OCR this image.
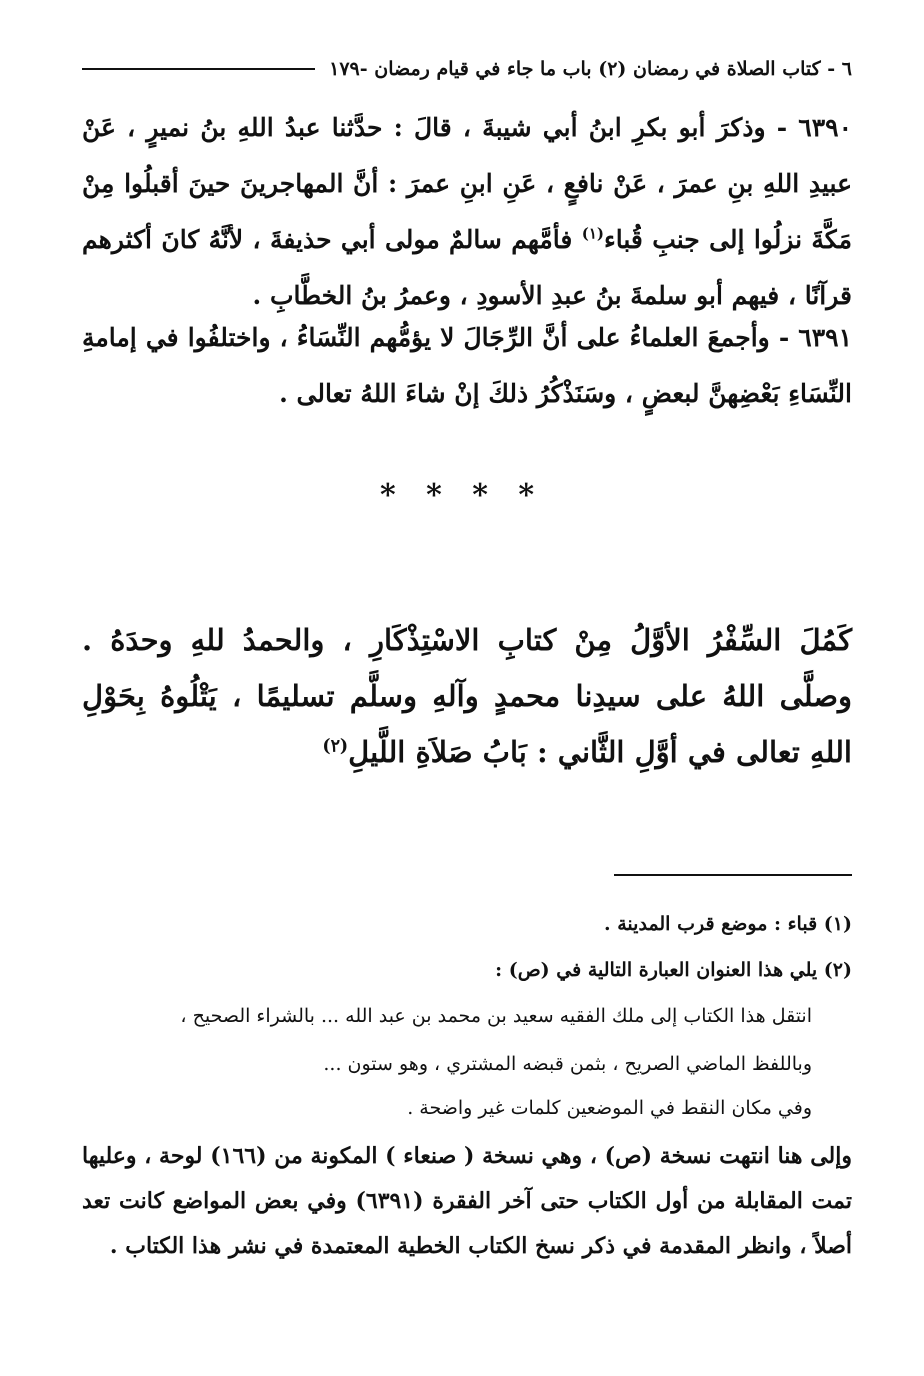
٦ - كتاب الصلاة في رمضان (٢) باب ما جاء في قيام رمضان -١٧٩
٦٣٩٠ - وذكرَ أبو بكرِ ابنُ أبي شيبةَ ، قالَ : حدَّثنا عبدُ اللهِ بنُ نميرٍ ، عَنْ عبيدِ اللهِ بنِ عمرَ ، عَنْ نافعٍ ، عَنِ ابنِ عمرَ : أنَّ المهاجرينَ حينَ أقبلُوا مِنْ مَكَّةَ نزلُوا إلى جنبِ قُباء$^{(١)}$ فأمَّهم سالمٌ مولى أبي حذيفةَ ، لأنَّهُ كانَ أكثرهم قرآنًا ، فيهم أبو سلمةَ بنُ عبدِ الأسودِ ، وعمرُ بنُ الخطَّابِ .
٦٣٩١ - وأجمعَ العلماءُ على أنَّ الرِّجَالَ لا يؤمُّهم النِّسَاءُ ، واختلفُوا في إمامةِ النِّسَاءِ بَعْضِهنَّ لبعضٍ ، وسَنَذْكُرُ ذلكَ إنْ شاءَ اللهُ تعالى .
* * * *
كَمُلَ السِّفْرُ الأوَّلُ مِنْ كتابِ الاسْتِذْكَارِ ، والحمدُ للهِ وحدَهُ . وصلَّى اللهُ على سيدِنا محمدٍ وآلهِ وسلَّم تسليمًا ، يَتْلُوهُ بِحَوْلِ اللهِ تعالى في أوَّلِ الثَّاني : بَابُ صَلاَةِ اللَّيلِ$^{(٢)}$
(١) قباء : موضع قرب المدينة .
(٢) يلي هذا العنوان العبارة التالية في (ص) :
انتقل هذا الكتاب إلى ملك الفقيه سعيد بن محمد بن عبد الله ... بالشراء الصحيح ،
وباللفظ الماضي الصريح ، بثمن قبضه المشتري ، وهو ستون ...
وفي مكان النقط في الموضعين كلمات غير واضحة .
وإلى هنا انتهت نسخة (ص) ، وهي نسخة ( صنعاء ) المكونة من (١٦٦) لوحة ، وعليها تمت المقابلة من أول الكتاب حتى آخر الفقرة (٦٣٩١) وفي بعض المواضع كانت تعد أصلاً ، وانظر المقدمة في ذكر نسخ الكتاب الخطية المعتمدة في نشر هذا الكتاب .
